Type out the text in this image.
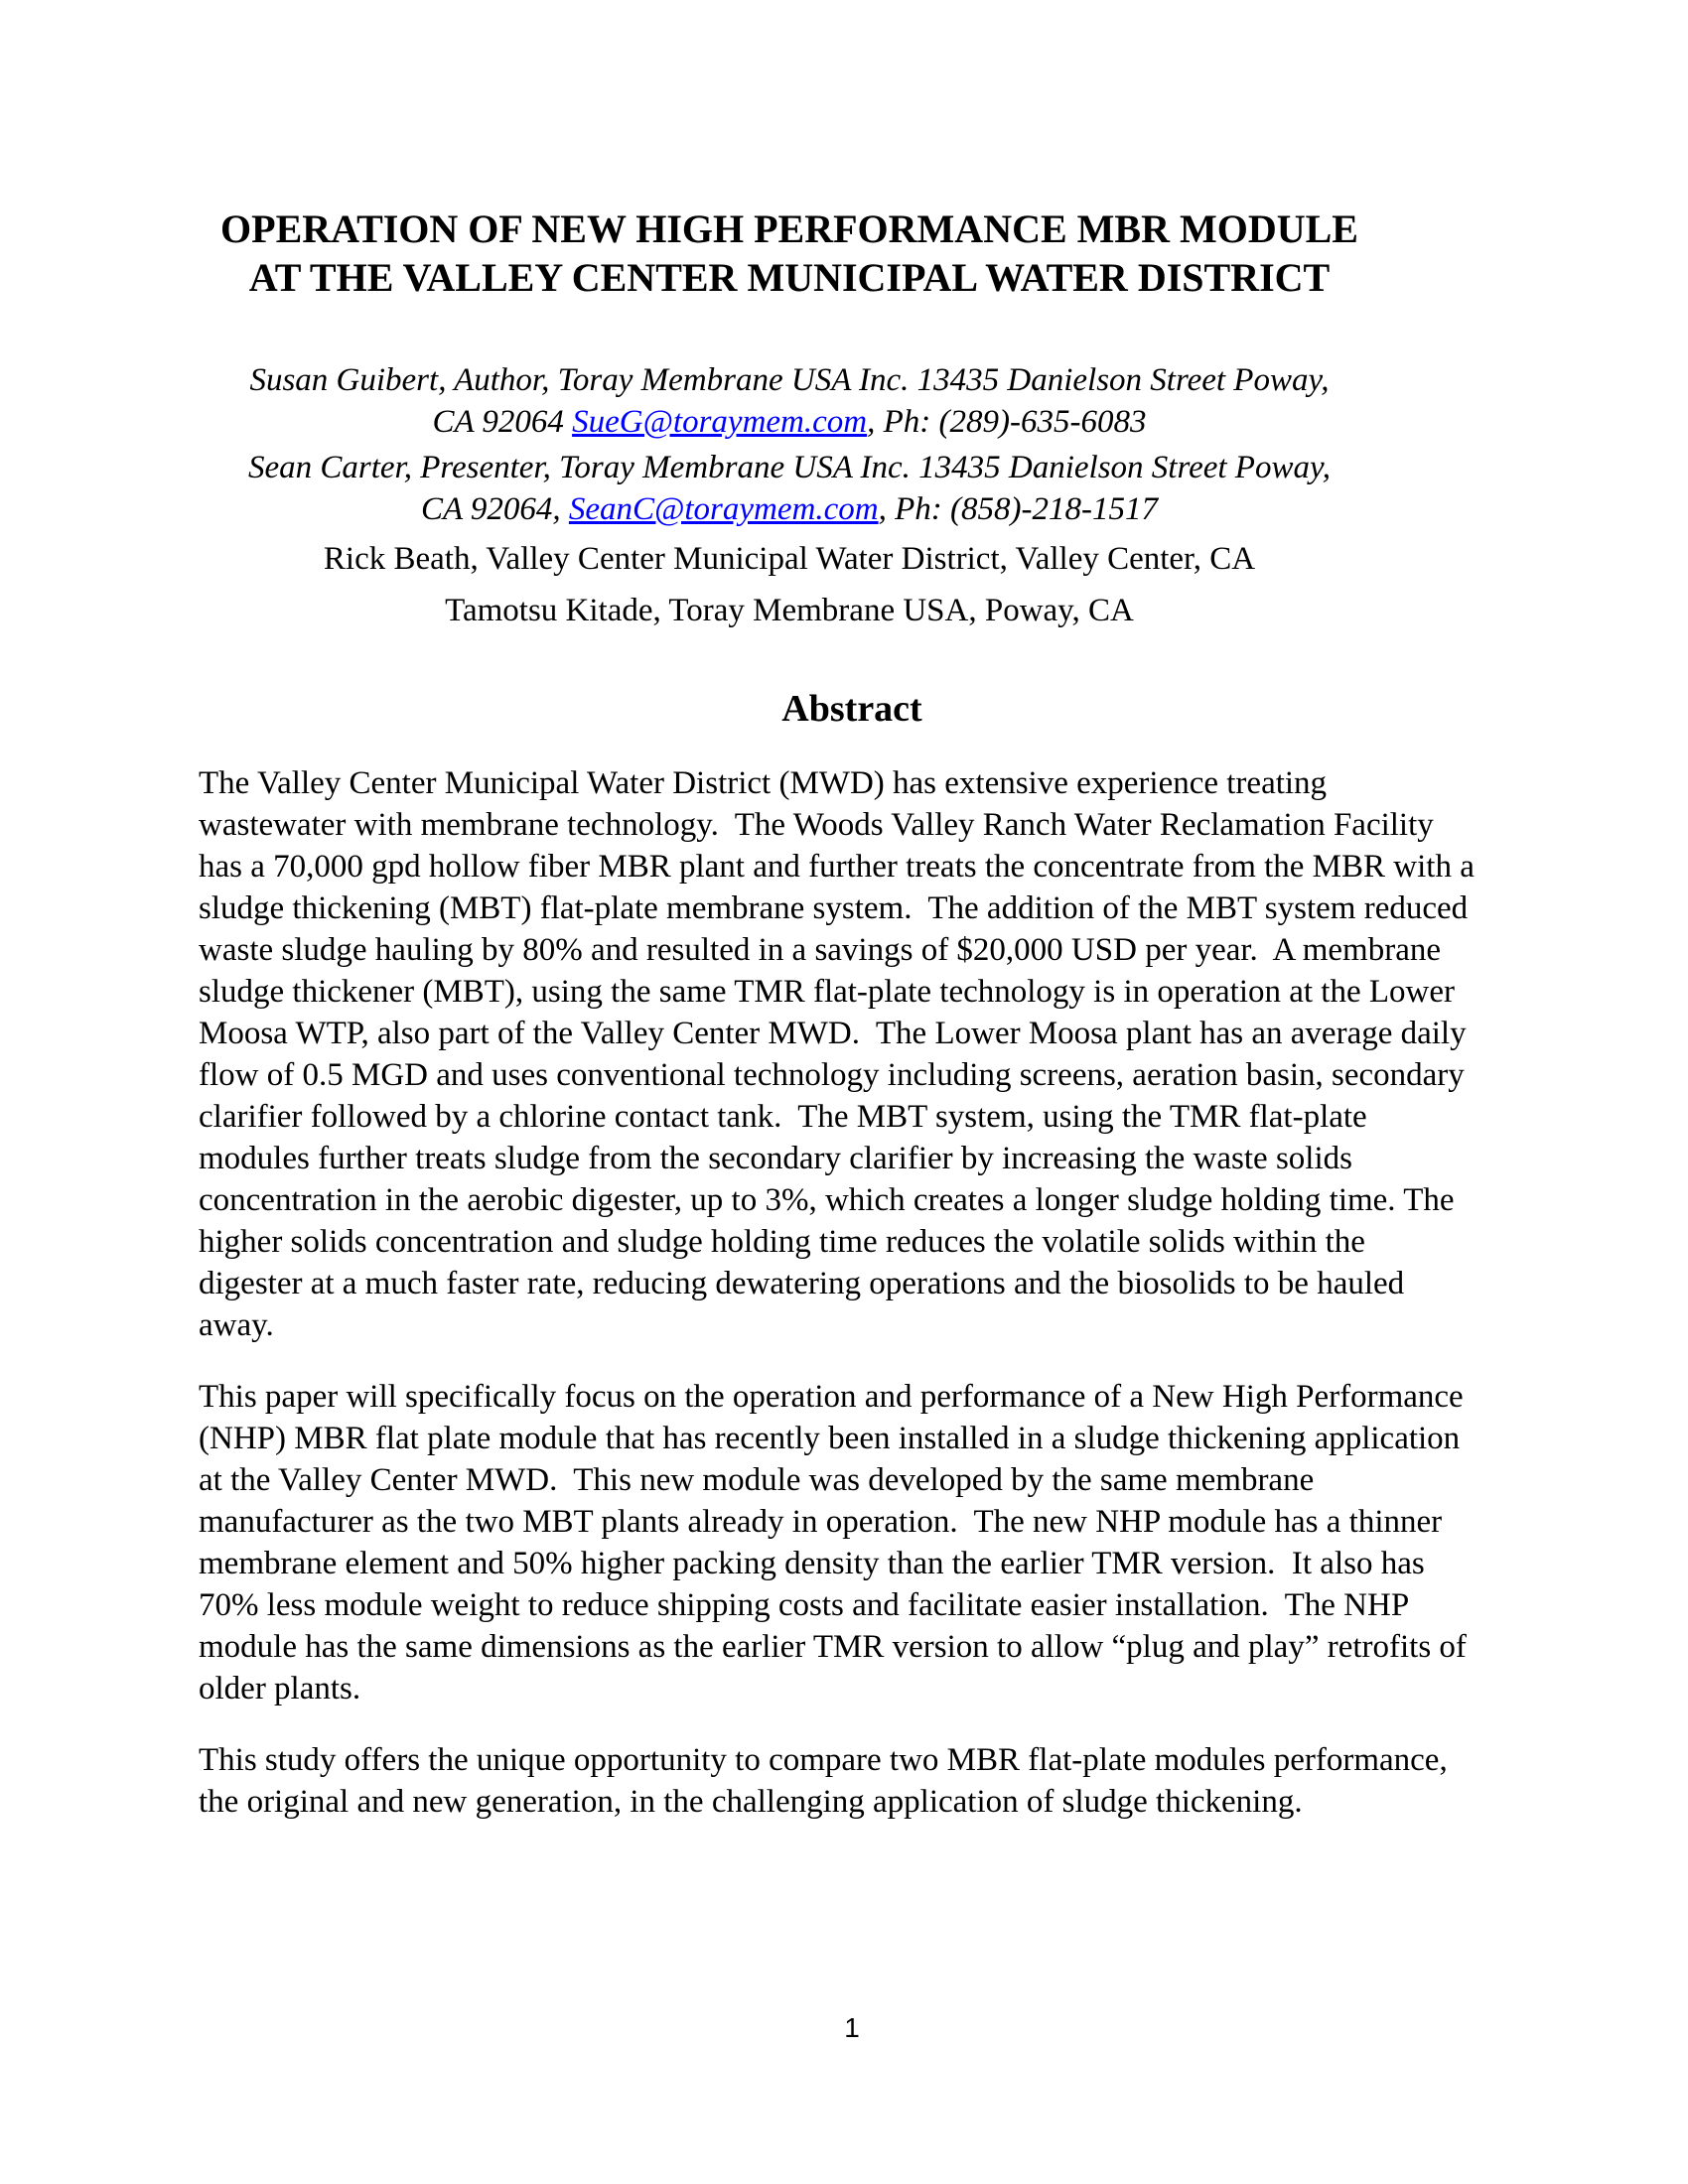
OPERATION OF NEW HIGH PERFORMANCE MBR MODULE
AT THE VALLEY CENTER MUNICIPAL WATER DISTRICT
Susan Guibert, Author, Toray Membrane USA Inc. 13435 Danielson Street Poway,
CA 92064 SueG@toraymem.com, Ph: (289)-635-6083
Sean Carter, Presenter, Toray Membrane USA Inc. 13435 Danielson Street Poway,
CA 92064, SeanC@toraymem.com, Ph: (858)-218-1517
Rick Beath, Valley Center Municipal Water District, Valley Center, CA
Tamotsu Kitade, Toray Membrane USA, Poway, CA
Abstract
The Valley Center Municipal Water District (MWD) has extensive experience treating
wastewater with membrane technology.  The Woods Valley Ranch Water Reclamation Facility
has a 70,000 gpd hollow fiber MBR plant and further treats the concentrate from the MBR with a
sludge thickening (MBT) flat-plate membrane system.  The addition of the MBT system reduced
waste sludge hauling by 80% and resulted in a savings of $20,000 USD per year.  A membrane
sludge thickener (MBT), using the same TMR flat-plate technology is in operation at the Lower
Moosa WTP, also part of the Valley Center MWD.  The Lower Moosa plant has an average daily
flow of 0.5 MGD and uses conventional technology including screens, aeration basin, secondary
clarifier followed by a chlorine contact tank.  The MBT system, using the TMR flat-plate
modules further treats sludge from the secondary clarifier by increasing the waste solids
concentration in the aerobic digester, up to 3%, which creates a longer sludge holding time. The
higher solids concentration and sludge holding time reduces the volatile solids within the
digester at a much faster rate, reducing dewatering operations and the biosolids to be hauled
away.
This paper will specifically focus on the operation and performance of a New High Performance
(NHP) MBR flat plate module that has recently been installed in a sludge thickening application
at the Valley Center MWD.  This new module was developed by the same membrane
manufacturer as the two MBT plants already in operation.  The new NHP module has a thinner
membrane element and 50% higher packing density than the earlier TMR version.  It also has
70% less module weight to reduce shipping costs and facilitate easier installation.  The NHP
module has the same dimensions as the earlier TMR version to allow “plug and play” retrofits of
older plants.
This study offers the unique opportunity to compare two MBR flat-plate modules performance,
the original and new generation, in the challenging application of sludge thickening.
1
